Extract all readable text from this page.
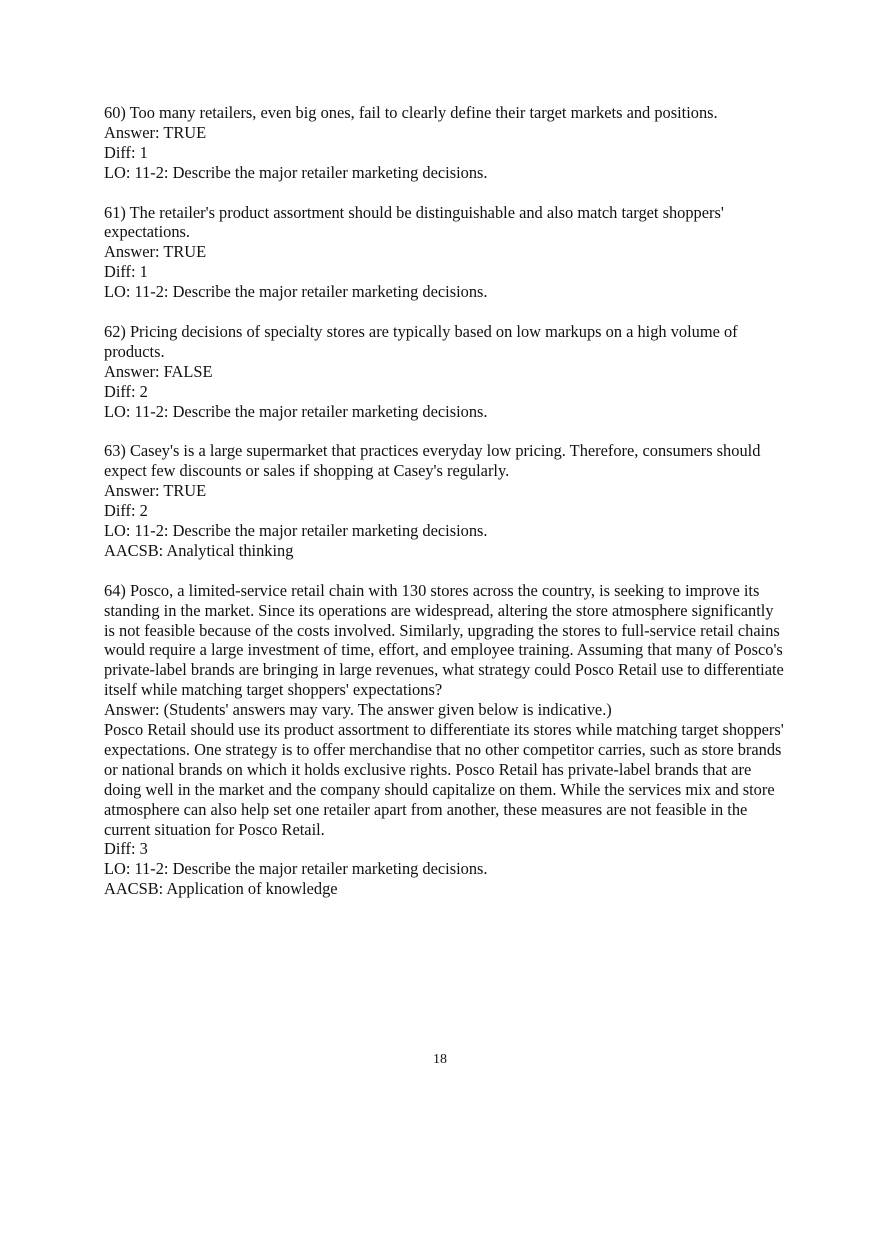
60) Too many retailers, even big ones, fail to clearly define their target markets and positions.
Answer: TRUE
Diff: 1
LO: 11-2: Describe the major retailer marketing decisions.
61) The retailer's product assortment should be distinguishable and also match target shoppers' expectations.
Answer: TRUE
Diff: 1
LO: 11-2: Describe the major retailer marketing decisions.
62) Pricing decisions of specialty stores are typically based on low markups on a high volume of products.
Answer: FALSE
Diff: 2
LO: 11-2: Describe the major retailer marketing decisions.
63) Casey's is a large supermarket that practices everyday low pricing. Therefore, consumers should expect few discounts or sales if shopping at Casey's regularly.
Answer: TRUE
Diff: 2
LO: 11-2: Describe the major retailer marketing decisions.
AACSB: Analytical thinking
64) Posco, a limited-service retail chain with 130 stores across the country, is seeking to improve its standing in the market. Since its operations are widespread, altering the store atmosphere significantly is not feasible because of the costs involved. Similarly, upgrading the stores to full-service retail chains would require a large investment of time, effort, and employee training. Assuming that many of Posco's private-label brands are bringing in large revenues, what strategy could Posco Retail use to differentiate itself while matching target shoppers' expectations?
Answer: (Students' answers may vary. The answer given below is indicative.)
Posco Retail should use its product assortment to differentiate its stores while matching target shoppers' expectations. One strategy is to offer merchandise that no other competitor carries, such as store brands or national brands on which it holds exclusive rights. Posco Retail has private-label brands that are doing well in the market and the company should capitalize on them. While the services mix and store atmosphere can also help set one retailer apart from another, these measures are not feasible in the current situation for Posco Retail.
Diff: 3
LO: 11-2: Describe the major retailer marketing decisions.
AACSB: Application of knowledge
18
